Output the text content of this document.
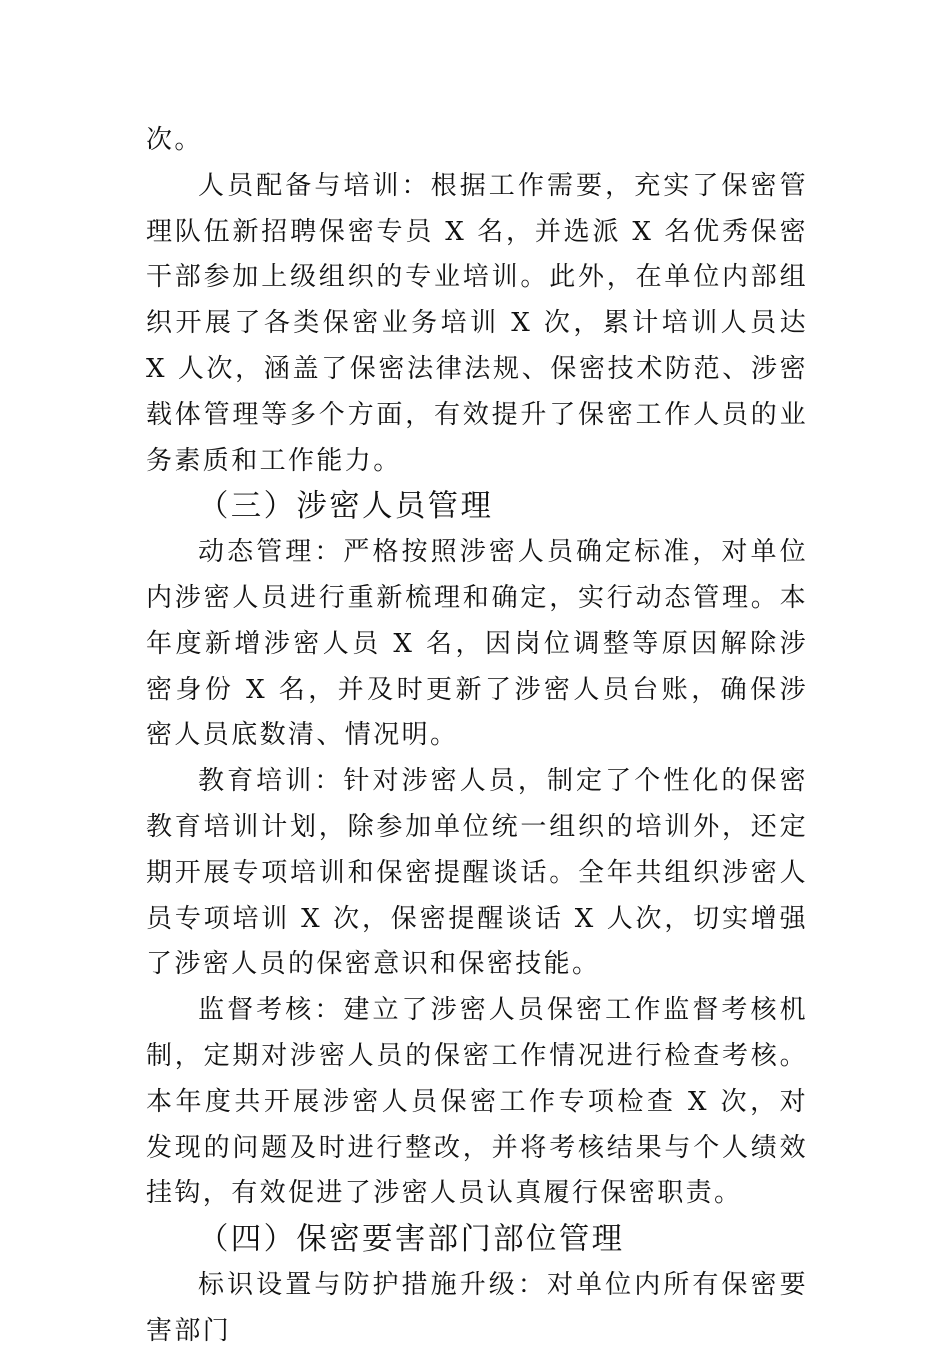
次。

人员配备与培训：根据工作需要，充实了保密管理队伍新招聘保密专员 X 名，并选派 X 名优秀保密干部参加上级组织的专业培训。此外，在单位内部组织开展了各类保密业务培训 X 次，累计培训人员达 X 人次，涵盖了保密法律法规、保密技术防范、涉密载体管理等多个方面，有效提升了保密工作人员的业务素质和工作能力。

（三）涉密人员管理

动态管理：严格按照涉密人员确定标准，对单位内涉密人员进行重新梳理和确定，实行动态管理。本年度新增涉密人员 X 名，因岗位调整等原因解除涉密身份 X 名，并及时更新了涉密人员台账，确保涉密人员底数清、情况明。

教育培训：针对涉密人员，制定了个性化的保密教育培训计划，除参加单位统一组织的培训外，还定期开展专项培训和保密提醒谈话。全年共组织涉密人员专项培训 X 次，保密提醒谈话 X 人次，切实增强了涉密人员的保密意识和保密技能。

监督考核：建立了涉密人员保密工作监督考核机制，定期对涉密人员的保密工作情况进行检查考核。本年度共开展涉密人员保密工作专项检查 X 次，对发现的问题及时进行整改，并将考核结果与个人绩效挂钩，有效促进了涉密人员认真履行保密职责。

（四）保密要害部门部位管理

标识设置与防护措施升级：对单位内所有保密要害部门
